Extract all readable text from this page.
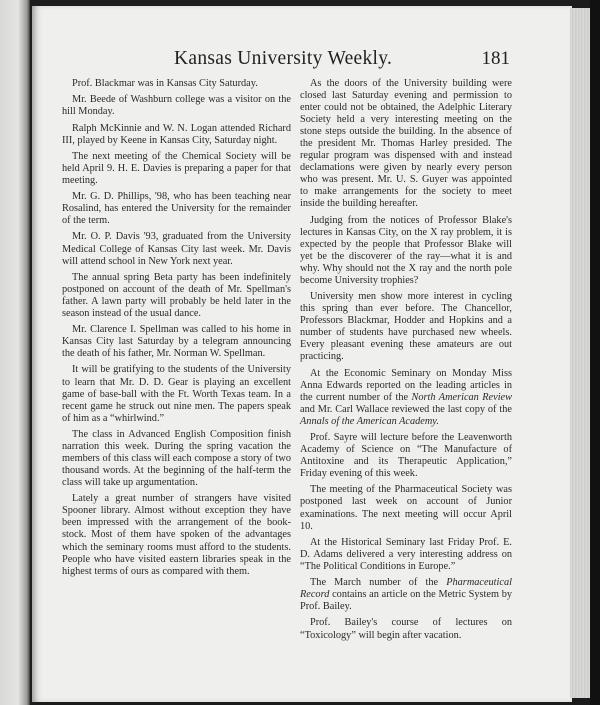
Kansas University Weekly.	181

Prof. Blackmar was in Kansas City Saturday.

Mr. Beede of Washburn college was a visitor on the hill Monday.

Ralph McKinnie and W. N. Logan attended Richard III, played by Keene in Kansas City, Saturday night.

The next meeting of the Chemical Society will be held April 9. H. E. Davies is preparing a paper for that meeting.

Mr. G. D. Phillips, '98, who has been teaching near Rosalind, has entered the University for the remainder of the term.

Mr. O. P. Davis '93, graduated from the University Medical College of Kansas City last week. Mr. Davis will attend school in New York next year.

The annual spring Beta party has been indefinitely postponed on account of the death of Mr. Spellman's father. A lawn party will probably be held later in the season instead of the usual dance.

Mr. Clarence I. Spellman was called to his home in Kansas City last Saturday by a telegram announcing the death of his father, Mr. Norman W. Spellman.

It will be gratifying to the students of the University to learn that Mr. D. D. Gear is playing an excellent game of base-ball with the Ft. Worth Texas team. In a recent game he struck out nine men. The papers speak of him as a “whirlwind.”

The class in Advanced English Composition finish narration this week. During the spring vacation the members of this class will each compose a story of two thousand words. At the beginning of the half-term the class will take up argumentation.

Lately a great number of strangers have visited Spooner library. Almost without exception they have been impressed with the arrangement of the book-stock. Most of them have spoken of the advantages which the seminary rooms must afford to the students. People who have visited eastern libraries speak in the highest terms of ours as compared with them.

As the doors of the University building were closed last Saturday evening and permission to enter could not be obtained, the Adelphic Literary Society held a very interesting meeting on the stone steps outside the building. In the absence of the president Mr. Thomas Harley presided. The regular program was dispensed with and instead declamations were given by nearly every person who was present. Mr. U. S. Guyer was appointed to make arrangements for the society to meet inside the building hereafter.

Judging from the notices of Professor Blake's lectures in Kansas City, on the X ray problem, it is expected by the people that Professor Blake will yet be the discoverer of the ray—what it is and why. Why should not the X ray and the north pole become University trophies?

University men show more interest in cycling this spring than ever before. The Chancellor, Professors Blackmar, Hodder and Hopkins and a number of students have purchased new wheels. Every pleasant evening these amateurs are out practicing.

At the Economic Seminary on Monday Miss Anna Edwards reported on the leading articles in the current number of the North American Review and Mr. Carl Wallace reviewed the last copy of the Annals of the American Academy.

Prof. Sayre will lecture before the Leavenworth Academy of Science on “The Manufacture of Antitoxine and its Therapeutic Application,” Friday evening of this week.

The meeting of the Pharmaceutical Society was postponed last week on account of Junior examinations. The next meeting will occur April 10.

At the Historical Seminary last Friday Prof. E. D. Adams delivered a very interesting address on “The Political Conditions in Europe.”

The March number of the Pharmaceutical Record contains an article on the Metric System by Prof. Bailey.

Prof. Bailey's course of lectures on “Toxicology” will begin after vacation.
